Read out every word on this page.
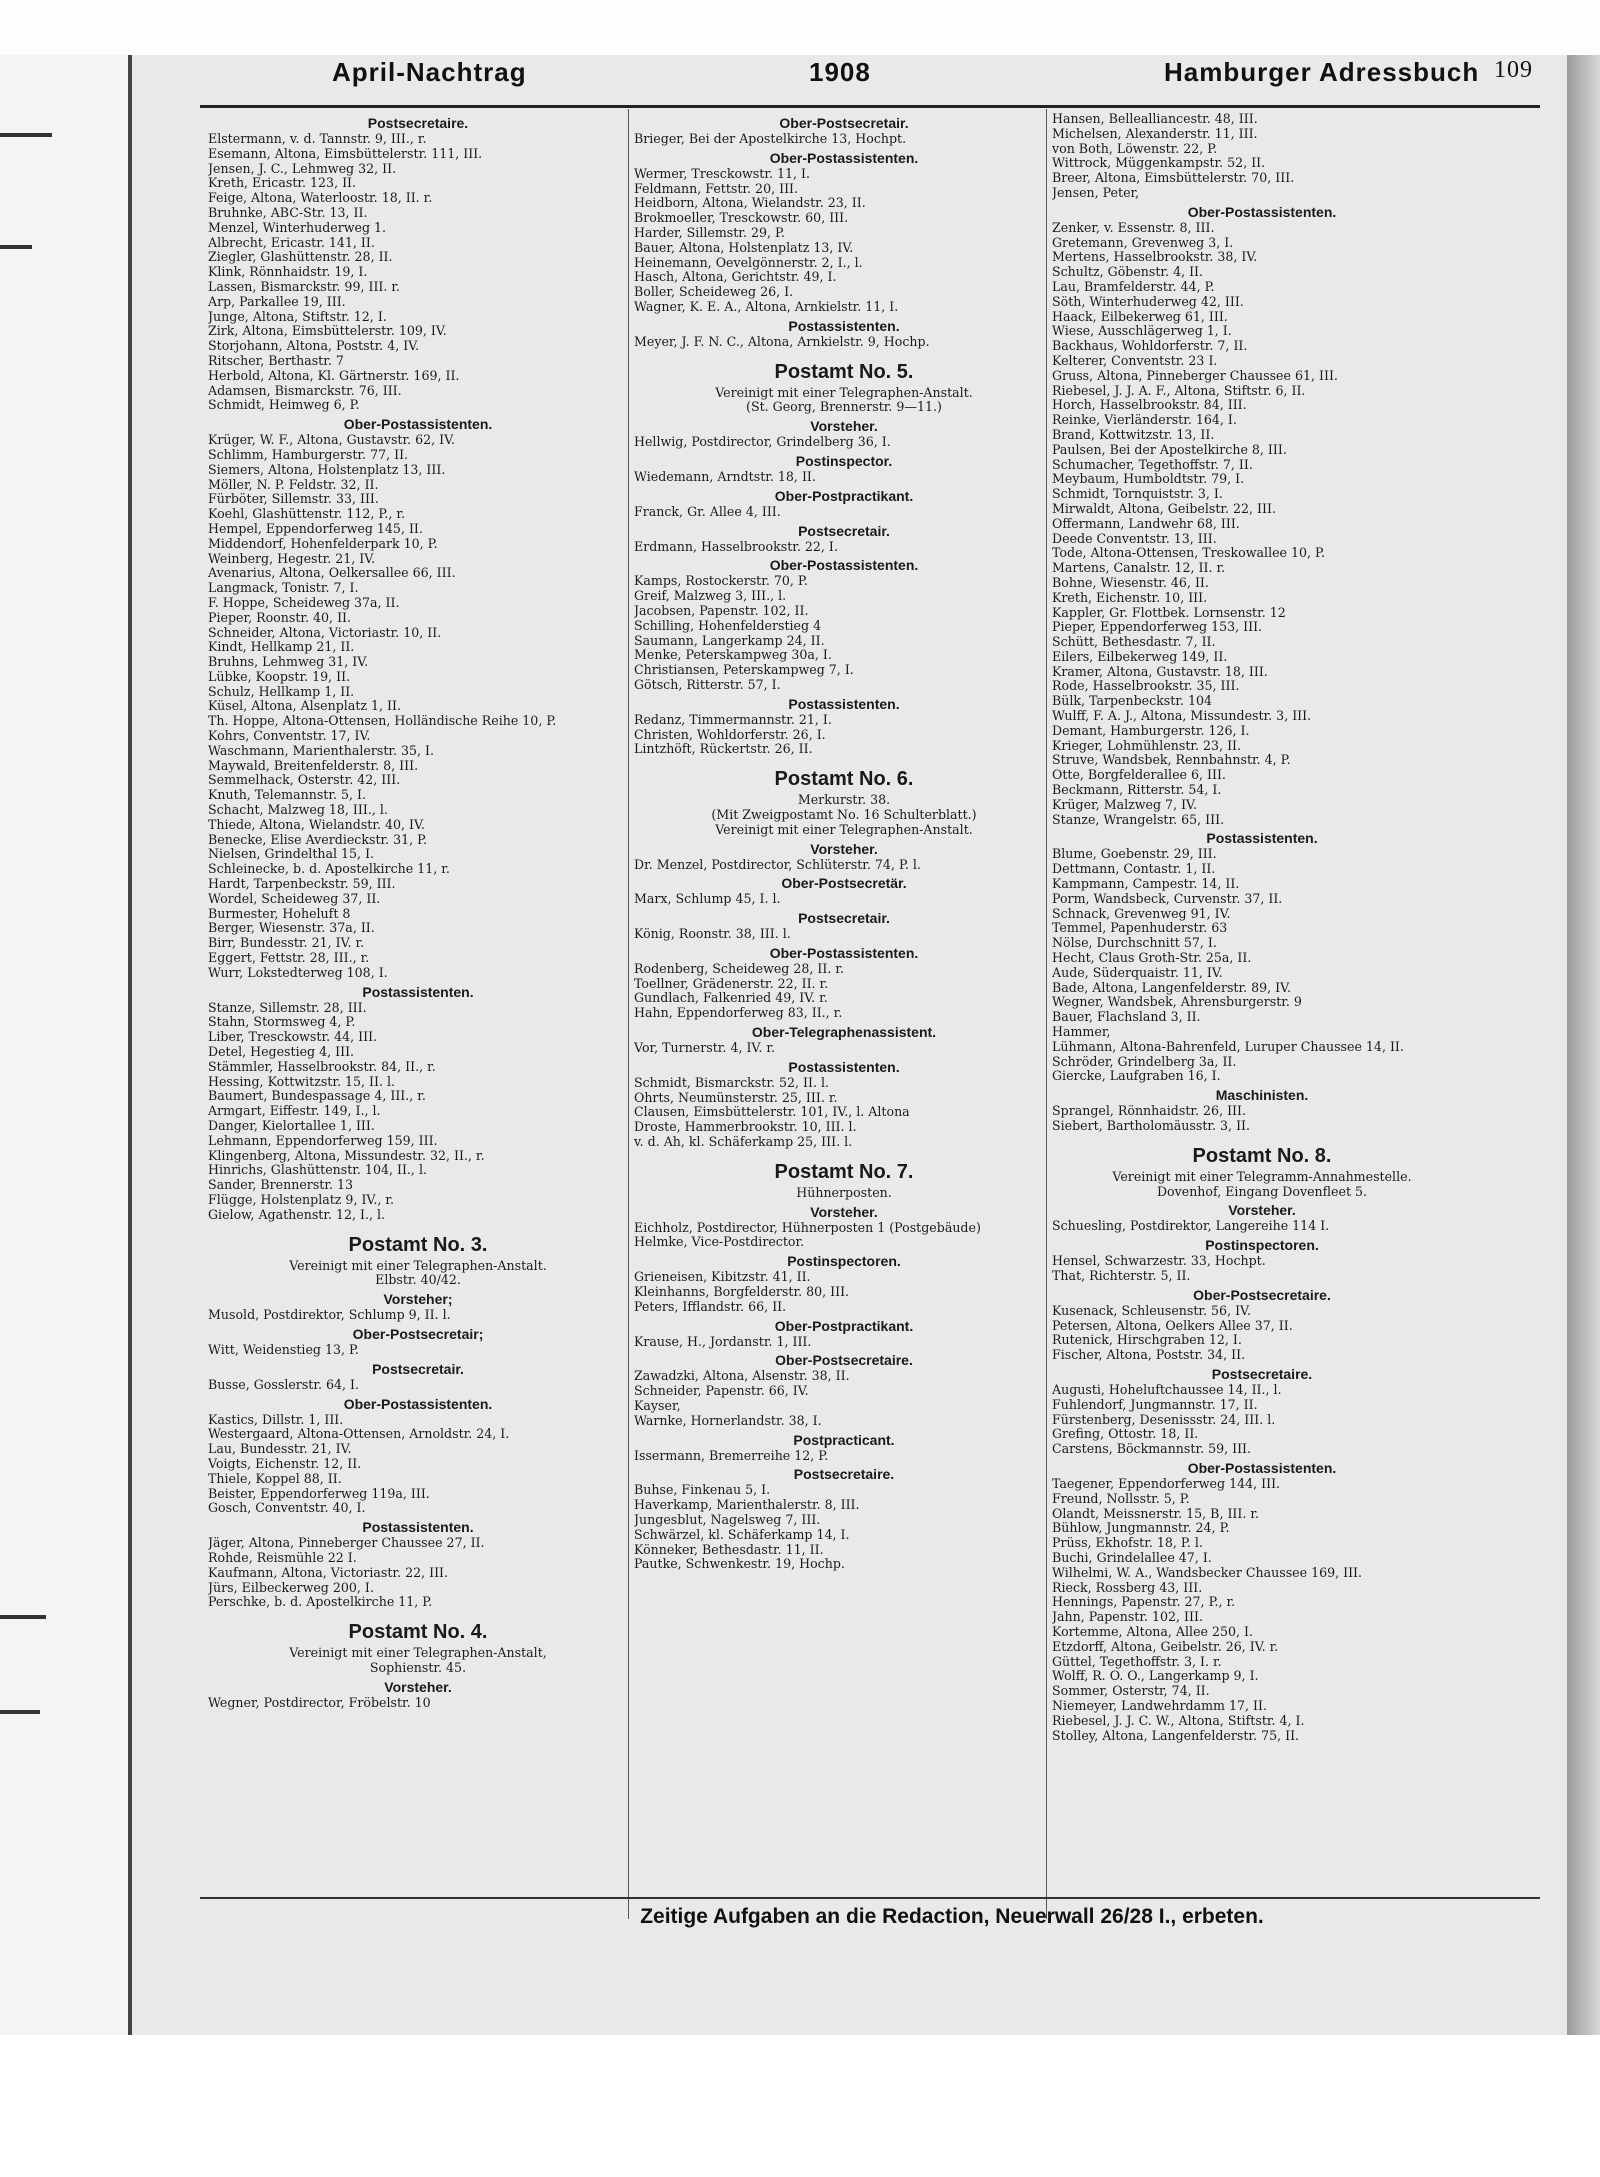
April-Nachtrag	1908	Hamburger Adressbuch 109
Postsecretaire.
Elstermann, v. d. Tannstr. 9, III., r.
Esemann, Altona, Eimsbüttelerstr. 111, III.
Jensen, J. C., Lehmweg 32, II.
Kreth, Ericastr. 123, II.
Feige, Altona, Waterloostr. 18, II. r.
Bruhnke, ABC-Str. 13, II.
Menzel, Winterhuderweg 1.
Albrecht, Ericastr. 141, II.
Ziegler, Glashüttenstr. 28, II.
Klink, Rönnhaidstr. 19, I.
Lassen, Bismarckstr. 99, III. r.
Arp, Parkallee 19, III.
Junge, Altona, Stiftstr. 12, I.
Zirk, Altona, Eimsbüttelerstr. 109, IV.
Storjohann, Altona, Poststr. 4, IV.
Ritscher, Berthastr. 7
Herbold, Altona, Kl. Gärtnerstr. 169, II.
Adamsen, Bismarckstr. 76, III.
Schmidt, Heimweg 6, P.
Ober-Postassistenten.
Krüger, W. F., Altona, Gustavstr. 62, IV.
Schlimm, Hamburgerstr. 77, II.
Siemers, Altona, Holstenplatz 13, III.
Möller, N. P. Feldstr. 32, II.
Fürböter, Sillemstr. 33, III.
Koehl, Glashüttenstr. 112, P., r.
Hempel, Eppendorferweg 145, II.
Middendorf, Hohenfelderpark 10, P.
Weinberg, Hegestr. 21, IV.
Avenarius, Altona, Oelkersallee 66, III.
Langmack, Tonistr. 7, I.
F. Hoppe, Scheideweg 37a, II.
Pieper, Roonstr. 40, II.
Schneider, Altona, Victoriastr. 10, II.
Kindt, Hellkamp 21, II.
Bruhns, Lehmweg 31, IV.
Lübke, Koopstr. 19, II.
Schulz, Hellkamp 1, II.
Küsel, Altona, Alsenplatz 1, II.
Th. Hoppe, Altona-Ottensen, Holländische Reihe 10, P.
Kohrs, Conventstr. 17, IV.
Waschmann, Marienthalerstr. 35, I.
Maywald, Breitenfelderstr. 8, III.
Semmelhack, Osterstr. 42, III.
Knuth, Telemannstr. 5, I.
Schacht, Malzweg 18, III., l.
Thiede, Altona, Wielandstr. 40, IV.
Benecke, Elise Averdieckstr. 31, P.
Nielsen, Grindelthal 15, I.
Schleinecke, b. d. Apostelkirche 11, r.
Hardt, Tarpenbeckstr. 59, III.
Wordel, Scheideweg 37, II.
Burmester, Hoheluft 8
Berger, Wiesenstr. 37a, II.
Birr, Bundesstr. 21, IV. r.
Eggert, Fettstr. 28, III., r.
Wurr, Lokstedterweg 108, I.
Postassistenten.
Stanze, Sillemstr. 28, III.
Stahn, Stormsweg 4, P.
Liber, Tresckowstr. 44, III.
Detel, Hegestieg 4, III.
Stämmler, Hasselbrookstr. 84, II., r.
Hessing, Kottwitzstr. 15, II. l.
Baumert, Bundespassage 4, III., r.
Armgart, Eiffestr. 149, I., l.
Danger, Kielortallee 1, III.
Lehmann, Eppendorferweg 159, III.
Klingenberg, Altona, Missundestr. 32, II., r.
Hinrichs, Glashüttenstr. 104, II., l.
Sander, Brennerstr. 13
Flügge, Holstenplatz 9, IV., r.
Gielow, Agathenstr. 12, I., l.
Postamt No. 3.
Vereinigt mit einer Telegraphen-Anstalt.
Elbstr. 40/42.
Vorsteher;
Musold, Postdirektor, Schlump 9, II. l.
Ober-Postsecretair;
Witt, Weidenstieg 13, P.
Postsecretair.
Busse, Gosslerstr. 64, I.
Ober-Postassistenten.
Kastics, Dillstr. 1, III.
Westergaard, Altona-Ottensen, Arnoldstr. 24, I.
Lau, Bundesstr. 21, IV.
Voigts, Eichenstr. 12, II.
Thiele, Koppel 88, II.
Beister, Eppendorferweg 119a, III.
Gosch, Conventstr. 40, I.
Postassistenten.
Jäger, Altona, Pinneberger Chaussee 27, II.
Rohde, Reismühle 22 I.
Kaufmann, Altona, Victoriastr. 22, III.
Jürs, Eilbeckerweg 200, I.
Perschke, b. d. Apostelkirche 11, P.
Postamt No. 4.
Vereinigt mit einer Telegraphen-Anstalt,
Sophienstr. 45.
Vorsteher.
Wegner, Postdirector, Fröbelstr. 10
Ober-Postsecretair.
Brieger, Bei der Apostelkirche 13, Hochpt.
Ober-Postassistenten.
Wermer, Tresckowstr. 11, I.
Feldmann, Fettstr. 20, III.
Heidborn, Altona, Wielandstr. 23, II.
Brokmoeller, Tresckowstr. 60, III.
Harder, Sillemstr. 29, P.
Bauer, Altona, Holstenplatz 13, IV.
Heinemann, Oevelgönnerstr. 2, I., l.
Hasch, Altona, Gerichtstr. 49, I.
Boller, Scheideweg 26, I.
Wagner, K. E. A., Altona, Arnkielstr. 11, I.
Postassistenten.
Meyer, J. F. N. C., Altona, Arnkielstr. 9, Hochp.
Postamt No. 5.
Vereinigt mit einer Telegraphen-Anstalt.
(St. Georg, Brennerstr. 9—11.)
Vorsteher.
Hellwig, Postdirector, Grindelberg 36, I.
Postinspector.
Wiedemann, Arndtstr. 18, II.
Ober-Postpractikant.
Franck, Gr. Allee 4, III.
Postsecretair.
Erdmann, Hasselbrookstr. 22, I.
Ober-Postassistenten.
Kamps, Rostockerstr. 70, P.
Greif, Malzweg 3, III., l.
Jacobsen, Papenstr. 102, II.
Schilling, Hohenfelderstieg 4
Saumann, Langerkamp 24, II.
Menke, Peterskampweg 30a, I.
Christiansen, Peterskampweg 7, I.
Götsch, Ritterstr. 57, I.
Postassistenten.
Redanz, Timmermannstr. 21, I.
Christen, Wohldorferstr. 26, I.
Lintzhöft, Rückertstr. 26, II.
Postamt No. 6.
Merkurstr. 38.
(Mit Zweigpostamt No. 16 Schulterblatt.)
Vereinigt mit einer Telegraphen-Anstalt.
Vorsteher.
Dr. Menzel, Postdirector, Schlüterstr. 74, P. l.
Ober-Postsecretär.
Marx, Schlump 45, I. l.
Postsecretair.
König, Roonstr. 38, III. l.
Ober-Postassistenten.
Rodenberg, Scheideweg 28, II. r.
Toellner, Grädenerstr. 22, II. r.
Gundlach, Falkenried 49, IV. r.
Hahn, Eppendorferweg 83, II., r.
Ober-Telegraphenassistent.
Vor, Turnerstr. 4, IV. r.
Postassistenten.
Schmidt, Bismarckstr. 52, II. l.
Ohrts, Neumünsterstr. 25, III. r.
Clausen, Eimsbüttelerstr. 101, IV., l. Altona
Droste, Hammerbrookstr. 10, III. l.
v. d. Ah, kl. Schäferkamp 25, III. l.
Postamt No. 7.
Hühnerposten.
Vorsteher.
Eichholz, Postdirector, Hühnerposten 1 (Postgebäude)
Helmke, Vice-Postdirector.
Postinspectoren.
Grieneisen, Kibitzstr. 41, II.
Kleinhanns, Borgfelderstr. 80, III.
Peters, Ifflandstr. 66, II.
Ober-Postpractikant.
Krause, H., Jordanstr. 1, III.
Ober-Postsecretaire.
Zawadzki, Altona, Alsenstr. 38, II.
Schneider, Papenstr. 66, IV.
Kayser,
Warnke, Hornerlandstr. 38, I.
Postpracticant.
Issermann, Bremerreihe 12, P.
Postsecretaire.
Buhse, Finkenau 5, I.
Haverkamp, Marienthalerstr. 8, III.
Jungesblut, Nagelsweg 7, III.
Schwärzel, kl. Schäferkamp 14, I.
Könneker, Bethesdastr. 11, II.
Pautke, Schwenkestr. 19, Hochp.
Hansen, Bellealliancestr. 48, III.
Michelsen, Alexanderstr. 11, III.
von Both, Löwenstr. 22, P.
Wittrock, Müggenkampstr. 52, II.
Breer, Altona, Eimsbüttelerstr. 70, III.
Jensen, Peter,
Ober-Postassistenten.
Zenker, v. Essenstr. 8, III.
Gretemann, Grevenweg 3, I.
Mertens, Hasselbrookstr. 38, IV.
Schultz, Göbenstr. 4, II.
Lau, Bramfelderstr. 44, P.
Söth, Winterhuderweg 42, III.
Haack, Eilbekerweg 61, III.
Wiese, Ausschlägerweg 1, I.
Backhaus, Wohldorferstr. 7, II.
Kelterer, Conventstr. 23 I.
Gruss, Altona, Pinneberger Chaussee 61, III.
Riebesel, J. J. A. F., Altona, Stiftstr. 6, II.
Horch, Hasselbrookstr. 84, III.
Reinke, Vierländerstr. 164, I.
Brand, Kottwitzstr. 13, II.
Paulsen, Bei der Apostelkirche 8, III.
Schumacher, Tegethoffstr. 7, II.
Meybaum, Humboldtstr. 79, I.
Schmidt, Tornquiststr. 3, I.
Mirwaldt, Altona, Geibelstr. 22, III.
Offermann, Landwehr 68, III.
Deede Conventstr. 13, III.
Tode, Altona-Ottensen, Treskowallee 10, P.
Martens, Canalstr. 12, II. r.
Bohne, Wiesenstr. 46, II.
Kreth, Eichenstr. 10, III.
Kappler, Gr. Flottbek. Lornsenstr. 12
Pieper, Eppendorferweg 153, III.
Schütt, Bethesdastr. 7, II.
Eilers, Eilbekerweg 149, II.
Kramer, Altona, Gustavstr. 18, III.
Rode, Hasselbrookstr. 35, III.
Bülk, Tarpenbeckstr. 104
Wulff, F. A. J., Altona, Missundestr. 3, III.
Demant, Hamburgerstr. 126, I.
Krieger, Lohmühlenstr. 23, II.
Struve, Wandsbek, Rennbahnstr. 4, P.
Otte, Borgfelderallee 6, III.
Beckmann, Ritterstr. 54, I.
Krüger, Malzweg 7, IV.
Stanze, Wrangelstr. 65, III.
Postassistenten.
Blume, Goebenstr. 29, III.
Dettmann, Contastr. 1, II.
Kampmann, Campestr. 14, II.
Porm, Wandsbeck, Curvenstr. 37, II.
Schnack, Grevenweg 91, IV.
Temmel, Papenhuderstr. 63
Nölse, Durchschnitt 57, I.
Hecht, Claus Groth-Str. 25a, II.
Aude, Süderquaistr. 11, IV.
Bade, Altona, Langenfelderstr. 89, IV.
Wegner, Wandsbek, Ahrensburgerstr. 9
Bauer, Flachsland 3, II.
Hammer,
Lühmann, Altona-Bahrenfeld, Luruper Chaussee 14, II.
Schröder, Grindelberg 3a, II.
Giercke, Laufgraben 16, I.
Maschinisten.
Sprangel, Rönnhaidstr. 26, III.
Siebert, Bartholomäusstr. 3, II.
Postamt No. 8.
Vereinigt mit einer Telegramm-Annahmestelle.
Dovenhof, Eingang Dovenfleet 5.
Vorsteher.
Schuesling, Postdirektor, Langereihe 114 I.
Postinspectoren.
Hensel, Schwarzestr. 33, Hochpt.
That, Richterstr. 5, II.
Ober-Postsecretaire.
Kusenack, Schleusenstr. 56, IV.
Petersen, Altona, Oelkers Allee 37, II.
Rutenick, Hirschgraben 12, I.
Fischer, Altona, Poststr. 34, II.
Postsecretaire.
Augusti, Hoheluftchaussee 14, II., l.
Fuhlendorf, Jungmannstr. 17, II.
Fürstenberg, Desenissstr. 24, III. l.
Grefing, Ottostr. 18, II.
Carstens, Böckmannstr. 59, III.
Ober-Postassistenten.
Taegener, Eppendorferweg 144, III.
Freund, Nollsstr. 5, P.
Olandt, Meissnerstr. 15, B, III. r.
Bühlow, Jungmannstr. 24, P.
Prüss, Ekhofstr. 18, P. l.
Buchi, Grindelallee 47, I.
Wilhelmi, W. A., Wandsbecker Chaussee 169, III.
Rieck, Rossberg 43, III.
Hennings, Papenstr. 27, P., r.
Jahn, Papenstr. 102, III.
Kortemme, Altona, Allee 250, I.
Etzdorff, Altona, Geibelstr. 26, IV. r.
Güttel, Tegethoffstr. 3, I. r.
Wolff, R. O. O., Langerkamp 9, I.
Sommer, Osterstr, 74, II.
Niemeyer, Landwehrdamm 17, II.
Riebesel, J. J. C. W., Altona, Stiftstr. 4, I.
Stolley, Altona, Langenfelderstr. 75, II.
Zeitige Aufgaben an die Redaction, Neuerwall 26/28 I., erbeten.
